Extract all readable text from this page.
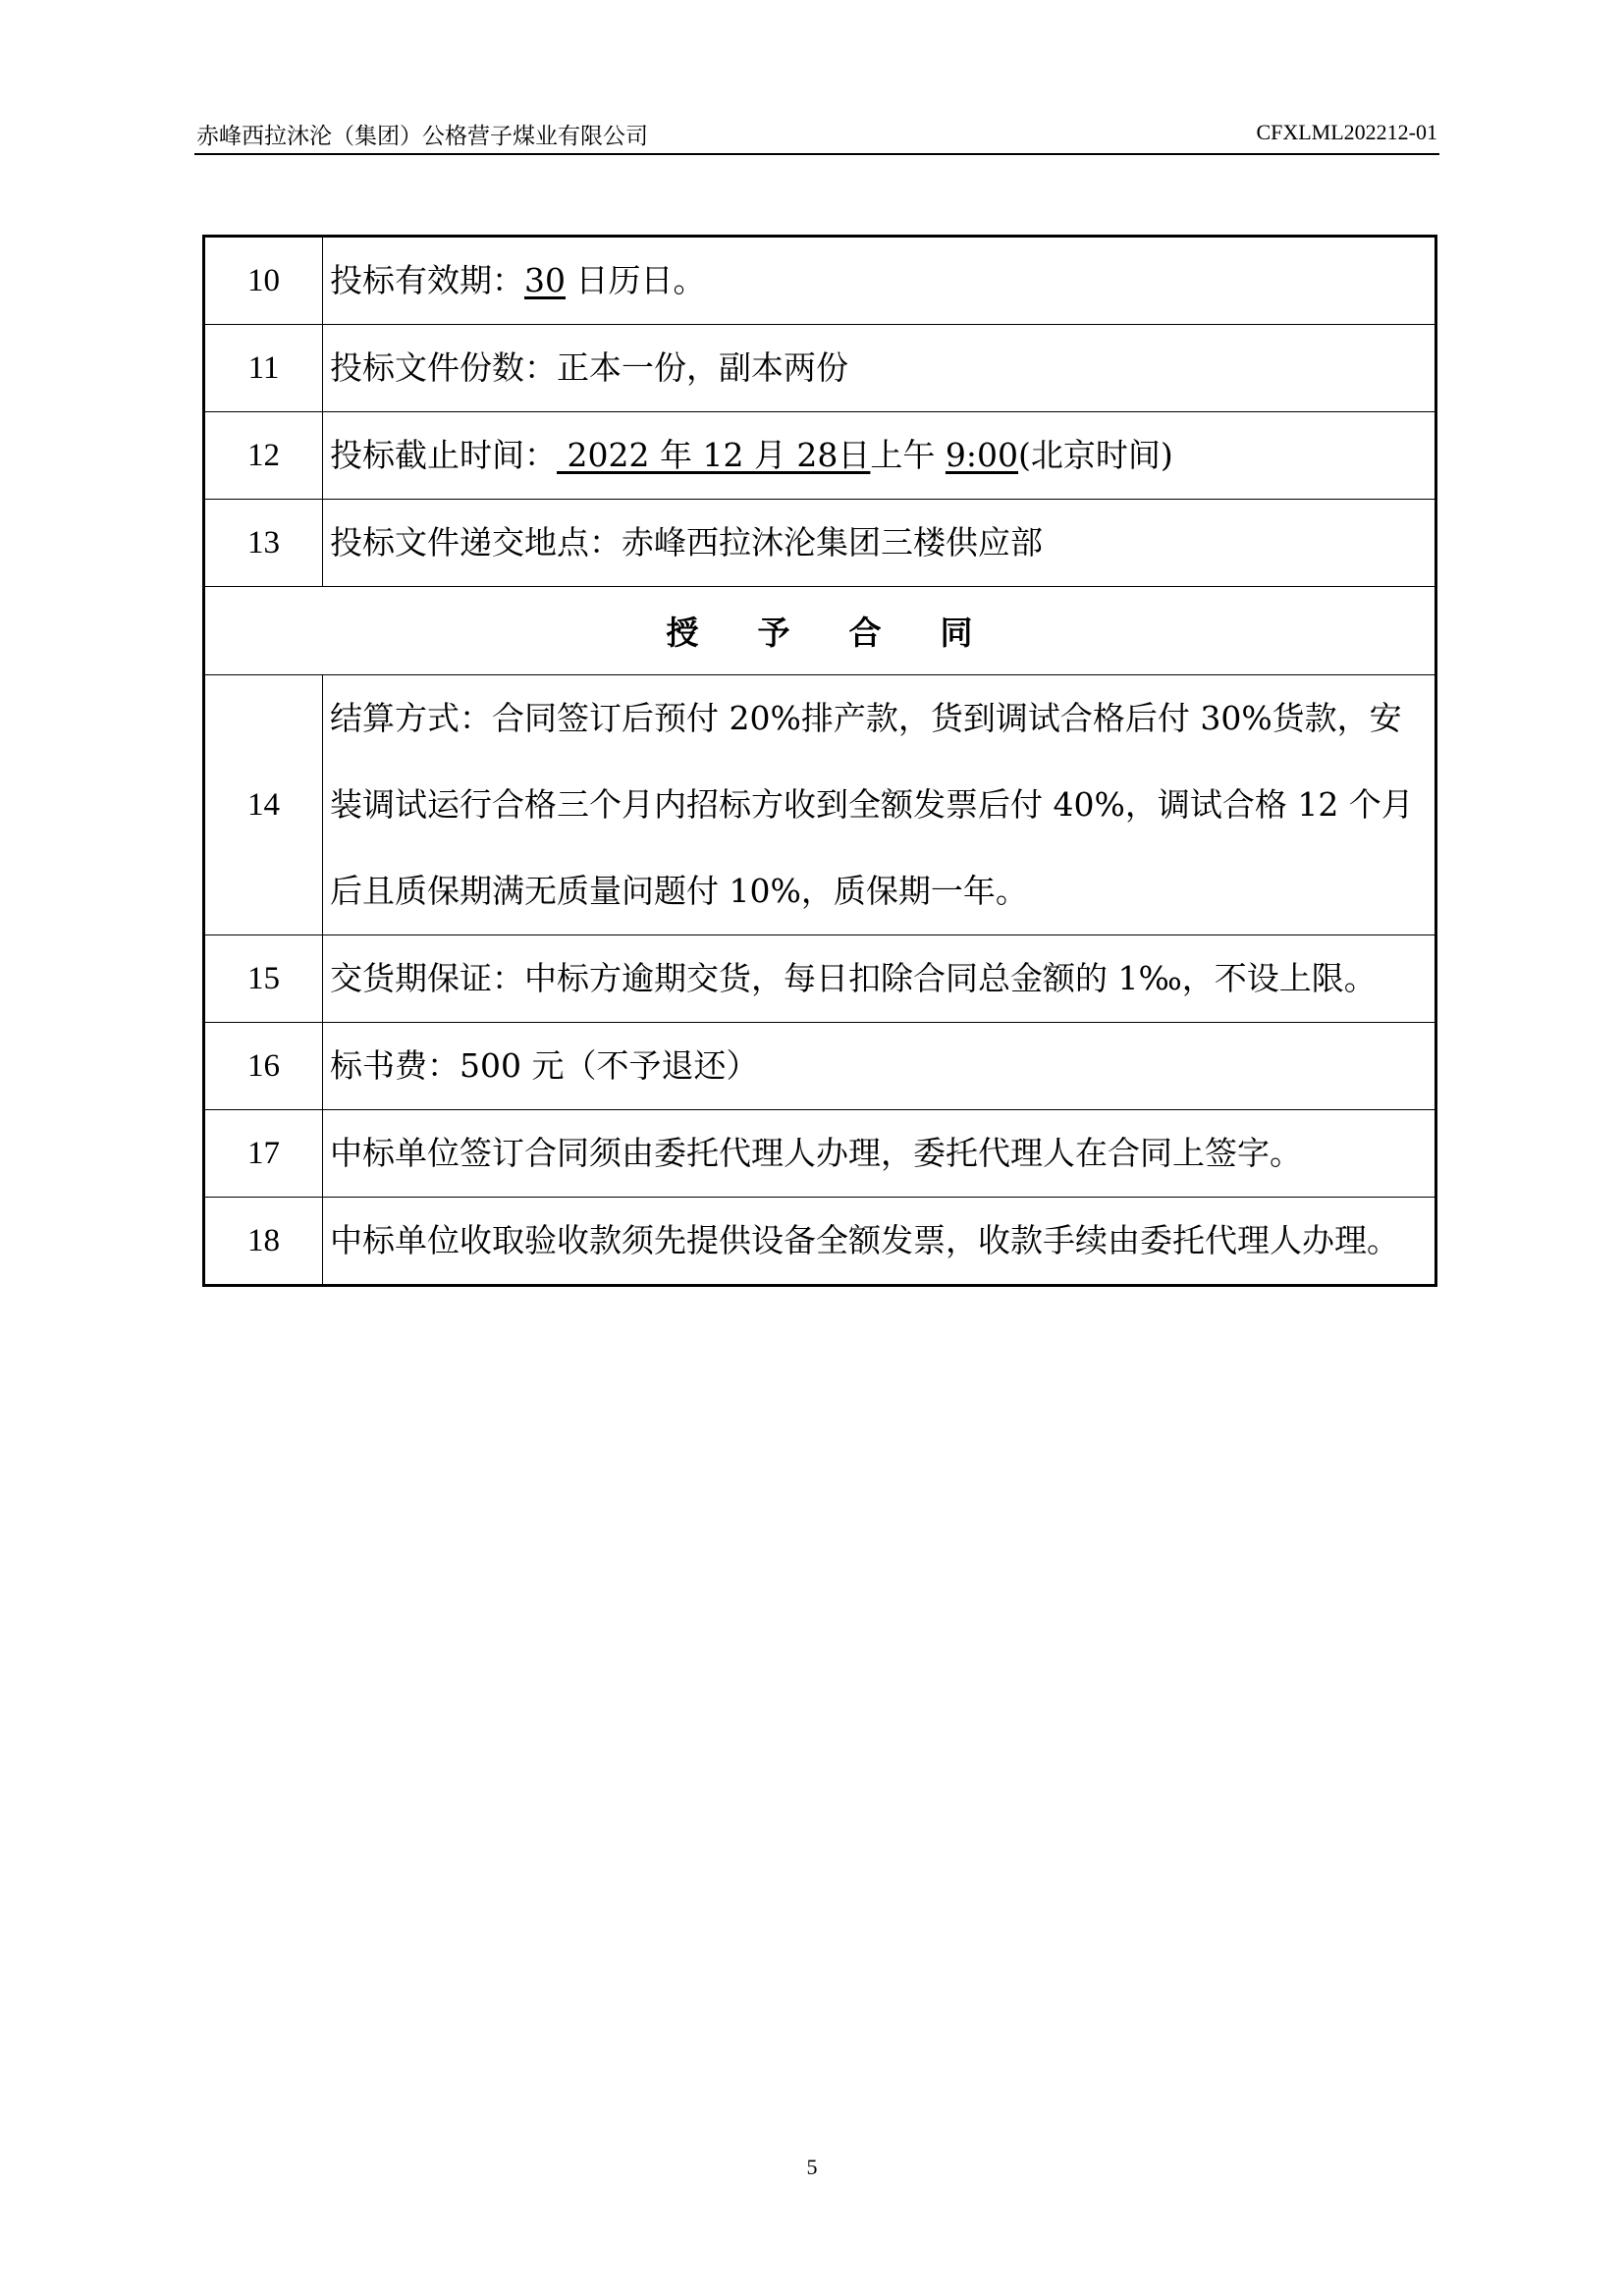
赤峰西拉沐沦（集团）公格营子煤业有限公司	CFXLML202212-01
10	投标有效期：30 日历日。
11	投标文件份数：正本一份，副本两份
12	投标截止时间： 2022 年 12 月 28日上午 9:00(北京时间)
13	投标文件递交地点：赤峰西拉沐沦集团三楼供应部
授予合同	
14	结算方式：合同签订后预付 20%排产款，货到调试合格后付 30%货款，安装调试运行合格三个月内招标方收到全额发票后付 40%，调试合格 12 个月后且质保期满无质量问题付 10%，质保期一年。
15	交货期保证：中标方逾期交货，每日扣除合同总金额的 1‰，不设上限。
16	标书费：500 元（不予退还）
17	中标单位签订合同须由委托代理人办理，委托代理人在合同上签字。
18	中标单位收取验收款须先提供设备全额发票，收款手续由委托代理人办理。
5
